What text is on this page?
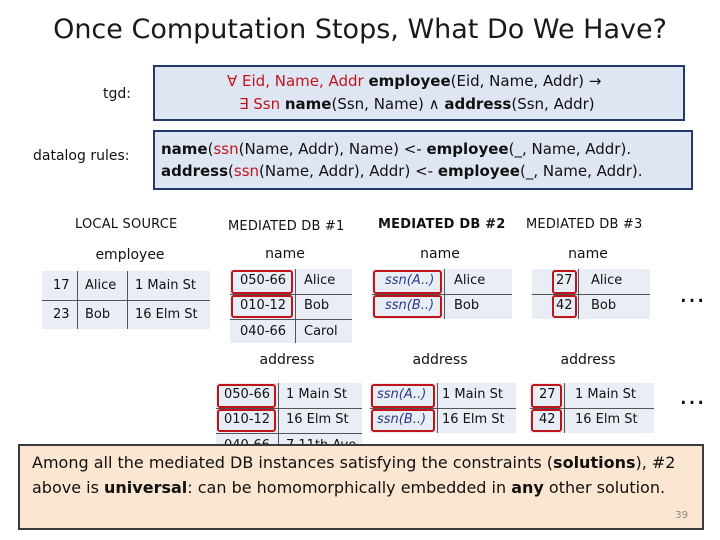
Once Computation Stops, What Do We Have?
tgd:
∀ Eid, Name, Addr employee(Eid, Name, Addr) →
∃ Ssn name(Ssn, Name) ∧ address(Ssn, Addr)
datalog rules: name(ssn(Name, Addr), Name) <- employee(_, Name, Addr).
address(ssn(Name, Addr), Addr) <- employee(_, Name, Addr).
LOCAL SOURCE	MEDIATED DB #1	MEDIATED DB #2 MEDIATED DB #3
employee
17 Alice 1 Main St
23 Bob 16 Elm St
name
050-66 Alice
010-12 Bob
040-66 Carol
address
050-66 1 Main St
010-12 16 Elm St
name
ssn(A..) Alice
ssn(B..) Bob
address
ssn(A..) 1 Main St
ssn(B..) 16 Elm St
name
27 Alice
42 Bob …
address
27 1 Main St
42 16 Elm St
…
Among all the mediated DB instances satisfying the constraints (solutions), #2 above is universal: can be homomorphically embedded in any other solution.
39
